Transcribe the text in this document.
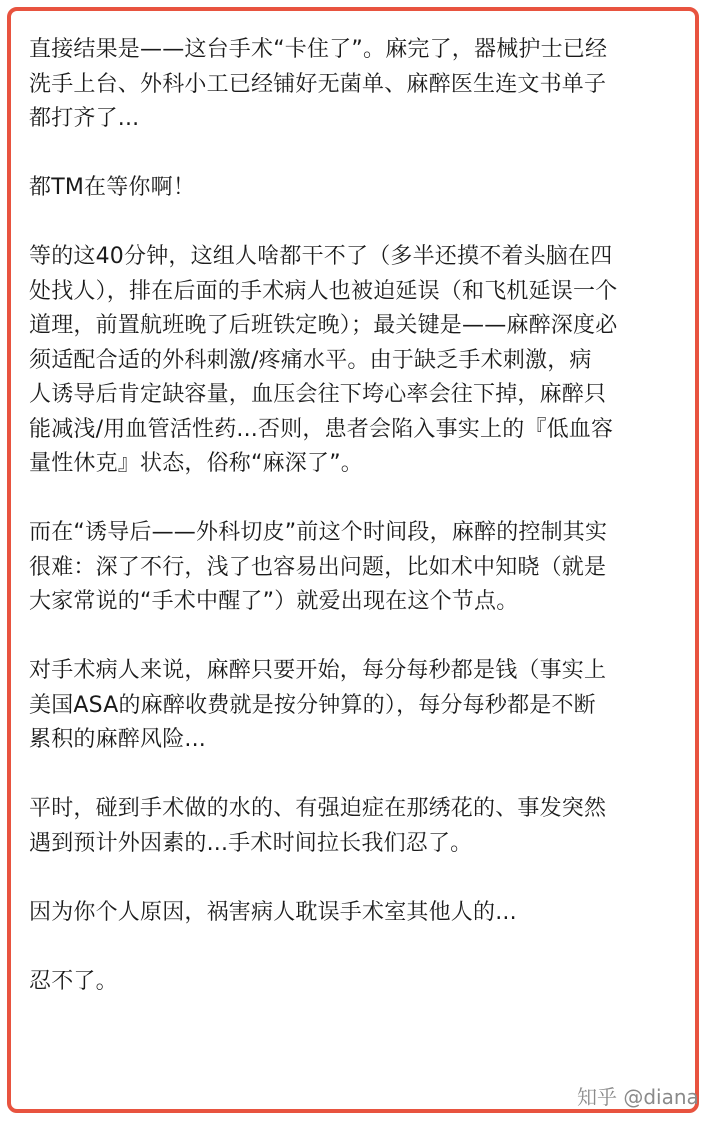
直接结果是——这台手术“卡住了”。麻完了，器械护士已经
洗手上台、外科小工已经铺好无菌单、麻醉医生连文书单子
都打齐了...
都TM在等你啊！
等的这40分钟，这组人啥都干不了（多半还摸不着头脑在四
处找人），排在后面的手术病人也被迫延误（和飞机延误一个
道理，前置航班晚了后班铁定晚）；最关键是——麻醉深度必
须适配合适的外科刺激/疼痛水平。由于缺乏手术刺激，病
人诱导后肯定缺容量，血压会往下垮心率会往下掉，麻醉只
能减浅/用血管活性药...否则，患者会陷入事实上的『低血容
量性休克』状态，俗称“麻深了”。
而在“诱导后——外科切皮”前这个时间段，麻醉的控制其实
很难：深了不行，浅了也容易出问题，比如术中知晓（就是
大家常说的“手术中醒了”）就爱出现在这个节点。
对手术病人来说，麻醉只要开始，每分每秒都是钱（事实上
美国ASA的麻醉收费就是按分钟算的），每分每秒都是不断
累积的麻醉风险...
平时，碰到手术做的水的、有强迫症在那绣花的、事发突然
遇到预计外因素的...手术时间拉长我们忍了。
因为你个人原因，祸害病人耽误手术室其他人的...
忍不了。
知乎 @diana
